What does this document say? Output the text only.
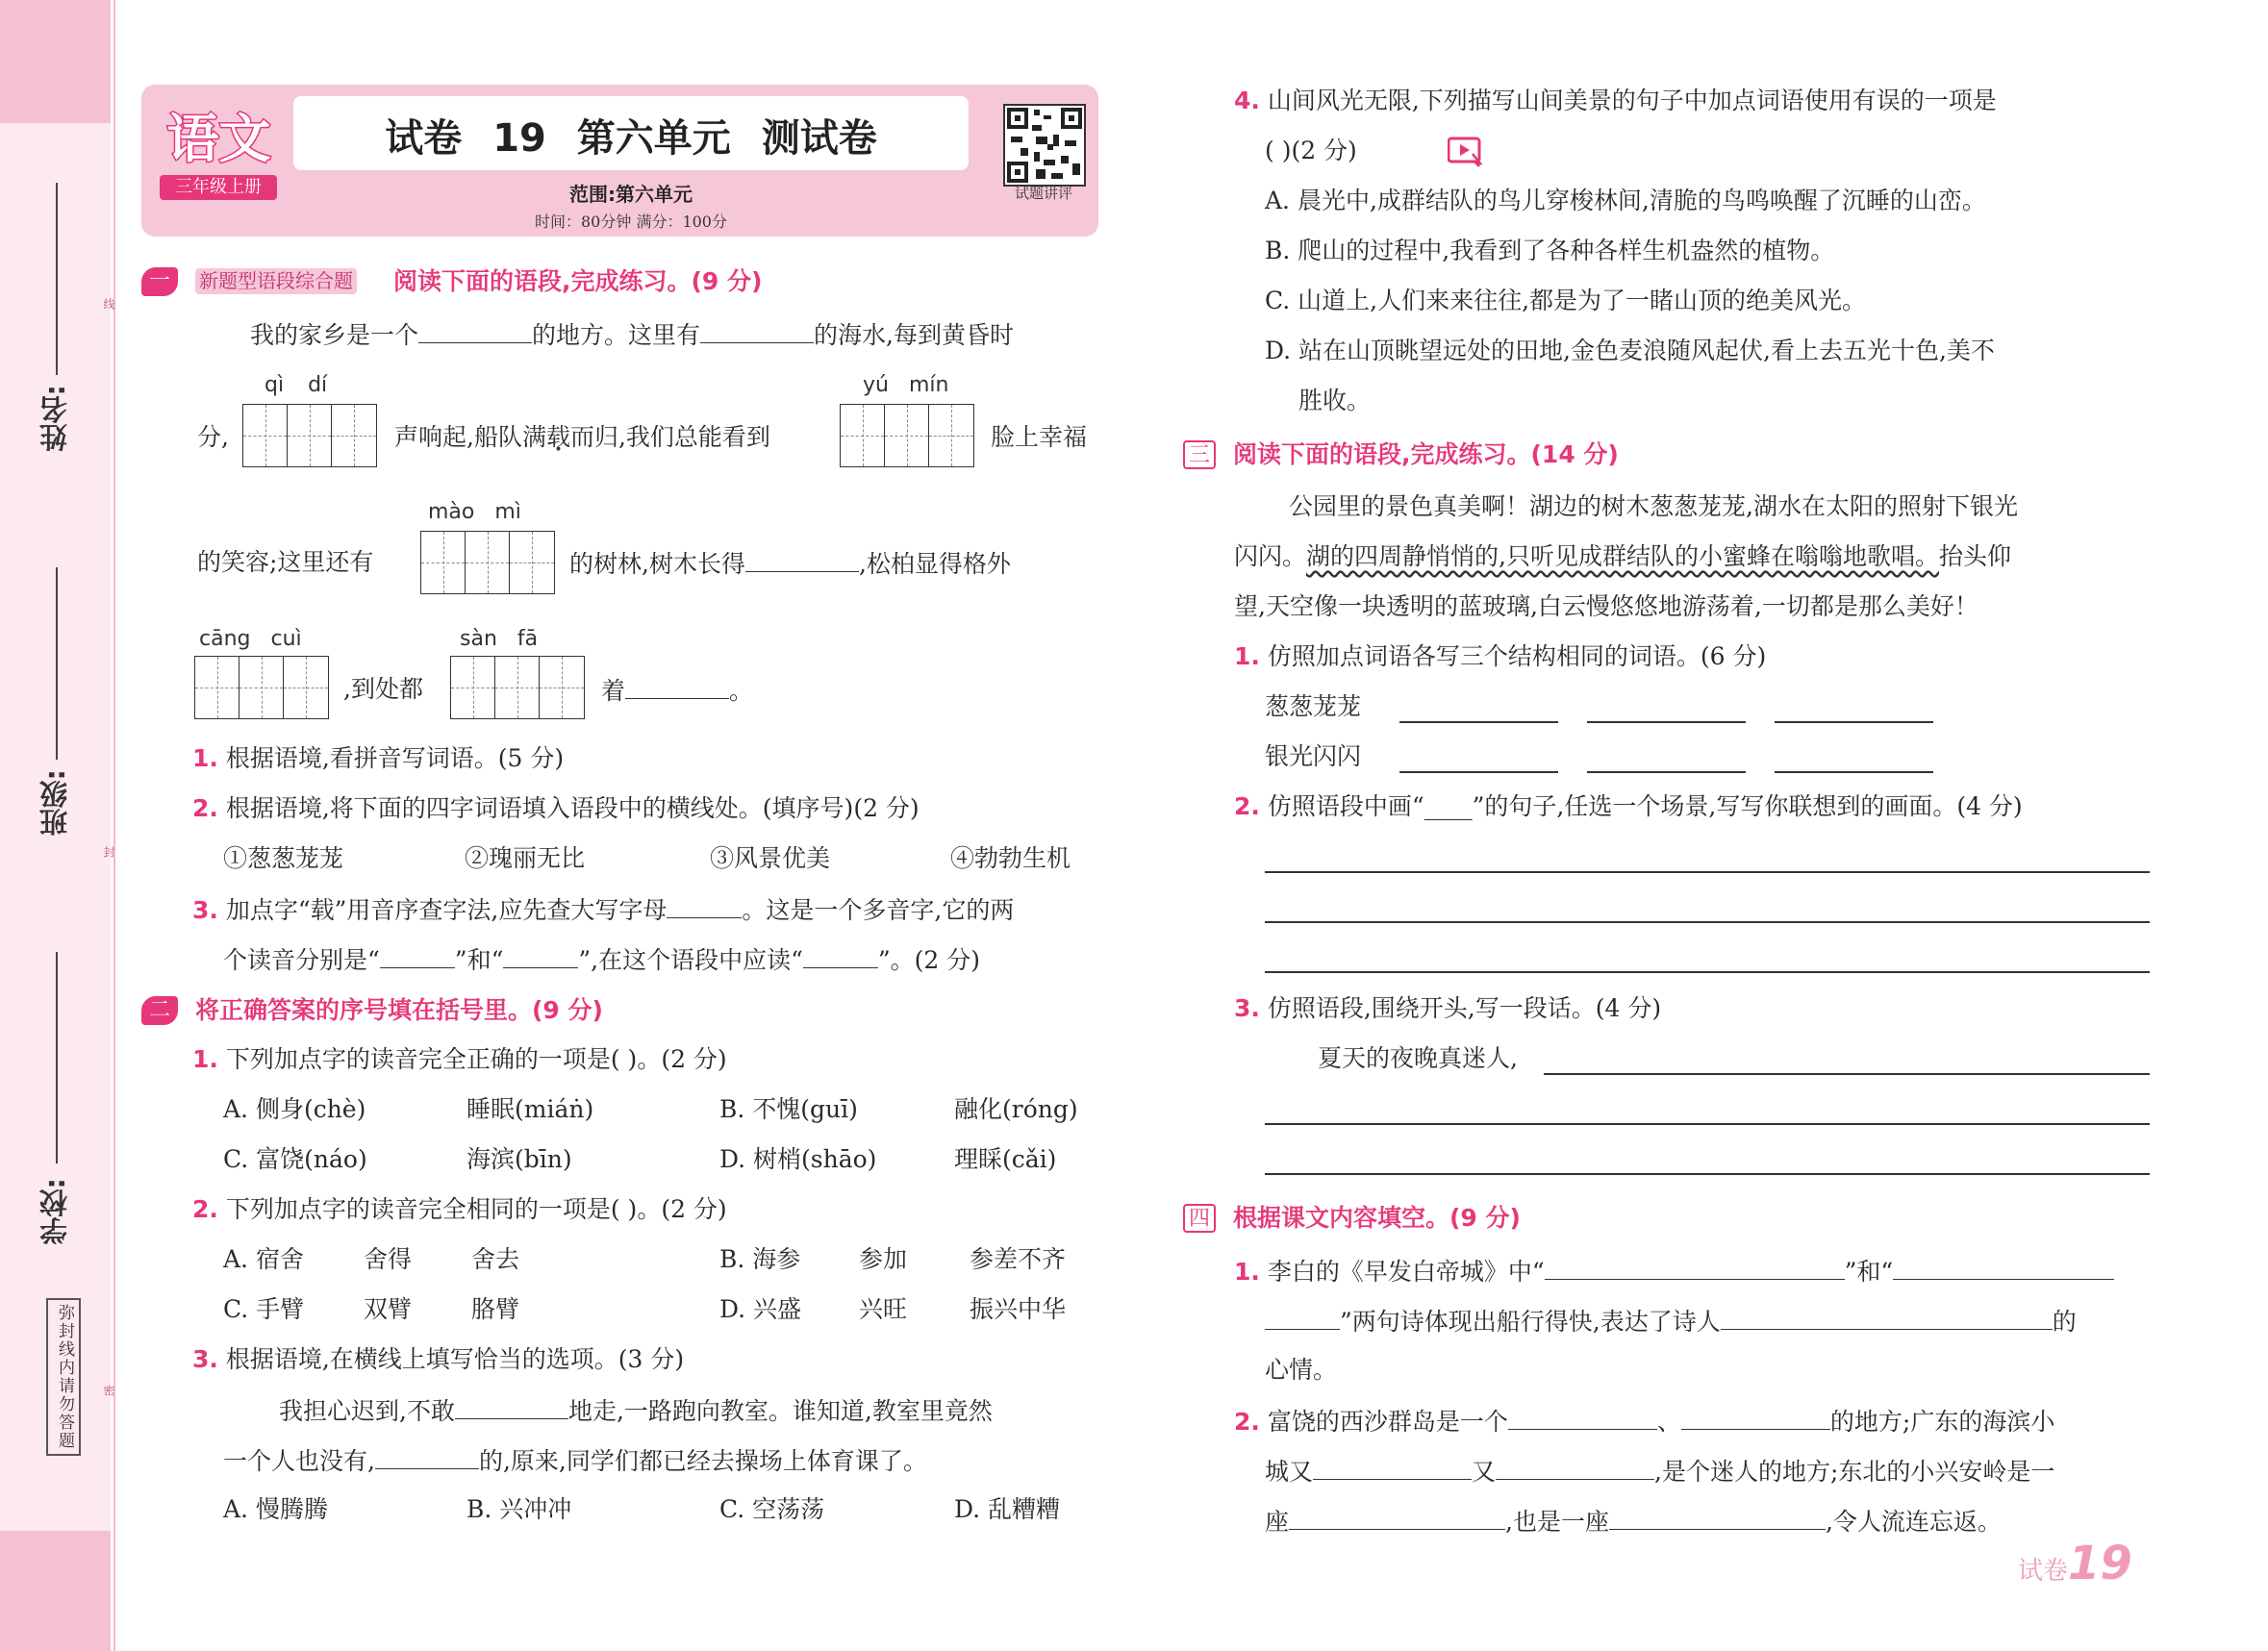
姓名:
班级:
学校:
线
封
密
弥封线内请勿答题
语文
三年级上册
试卷 19 第六单元 测试卷
范围:第六单元
时间：80分钟 满分：100分
试题讲评
一	新题型语段综合题 阅读下面的语段,完成练习。(9 分)
我的家乡是一个	的地方。这里有	的海水,每到黄昏时
qì dí	yú mín
分,	声响起,船队满载而归,我们总能看到	脸上幸福
mào mì
的笑容;这里还有	的树林,树木长得	,松柏显得格外
cāng cuì	sàn fā
,到处都	着	。
1. 根据语境,看拼音写词语。(5 分)
2. 根据语境,将下面的四字词语填入语段中的横线处。(填序号)(2 分)
①葱葱茏茏	②瑰丽无比	③风景优美	④勃勃生机
3. 加点字“载”用音序查字法,应先查大写字母	。这是一个多音字,它的两
个读音分别是“	”和“	”,在这个语段中应读“	”。(2 分)
二	将正确答案的序号填在括号里。(9 分)
1. 下列加点字的读音完全正确的一项是( )。(2 分)
A. 侧身(chè)	睡眠(miáṅ)	B. 不愧(guī)	融化(róng)
C. 富饶(náo)	海滨(bīn)	D. 树梢(shāo)	理睬(cǎi)
2. 下列加点字的读音完全相同的一项是( )。(2 分)
A. 宿舍 舍得 舍去	B. 海参 参加	参差不齐
C. 手臂 双臂 胳臂	D. 兴盛 兴旺	振兴中华
3. 根据语境,在横线上填写恰当的选项。(3 分)
我担心迟到,不敢	地走,一路跑向教室。谁知道,教室里竟然
一个人也没有,	的,原来,同学们都已经去操场上体育课了。
A. 慢腾腾	B. 兴冲冲	C. 空荡荡	D. 乱糟糟
4. 山间风光无限,下列描写山间美景的句子中加点词语使用有误的一项是
( )(2 分)
A. 晨光中,成群结队的鸟儿穿梭林间,清脆的鸟鸣唤醒了沉睡的山峦。
B. 爬山的过程中,我看到了各种各样生机盎然的植物。
C. 山道上,人们来来往往,都是为了一睹山顶的绝美风光。
D. 站在山顶眺望远处的田地,金色麦浪随风起伏,看上去五光十色,美不
胜收。
三 阅读下面的语段,完成练习。(14 分)
公园里的景色真美啊！湖边的树木葱葱茏茏,湖水在太阳的照射下银光
闪闪。湖的四周静悄悄的,只听见成群结队的小蜜蜂在嗡嗡地歌唱。抬头仰
望,天空像一块透明的蓝玻璃,白云慢悠悠地游荡着,一切都是那么美好！
1. 仿照加点词语各写三个结构相同的词语。(6 分)
葱葱茏茏
银光闪闪
2. 仿照语段中画“____”的句子,任选一个场景,写写你联想到的画面。(4 分)
3. 仿照语段,围绕开头,写一段话。(4 分)
夏天的夜晚真迷人,
四 根据课文内容填空。(9 分)
1. 李白的《早发白帝城》中“	”和“
”两句诗体现出船行得快,表达了诗人	的
心情。
2. 富饶的西沙群岛是一个	、	的地方;广东的海滨小
城又	又	,是个迷人的地方;东北的小兴安岭是一
座	,也是一座	,令人流连忘返。
试卷19
